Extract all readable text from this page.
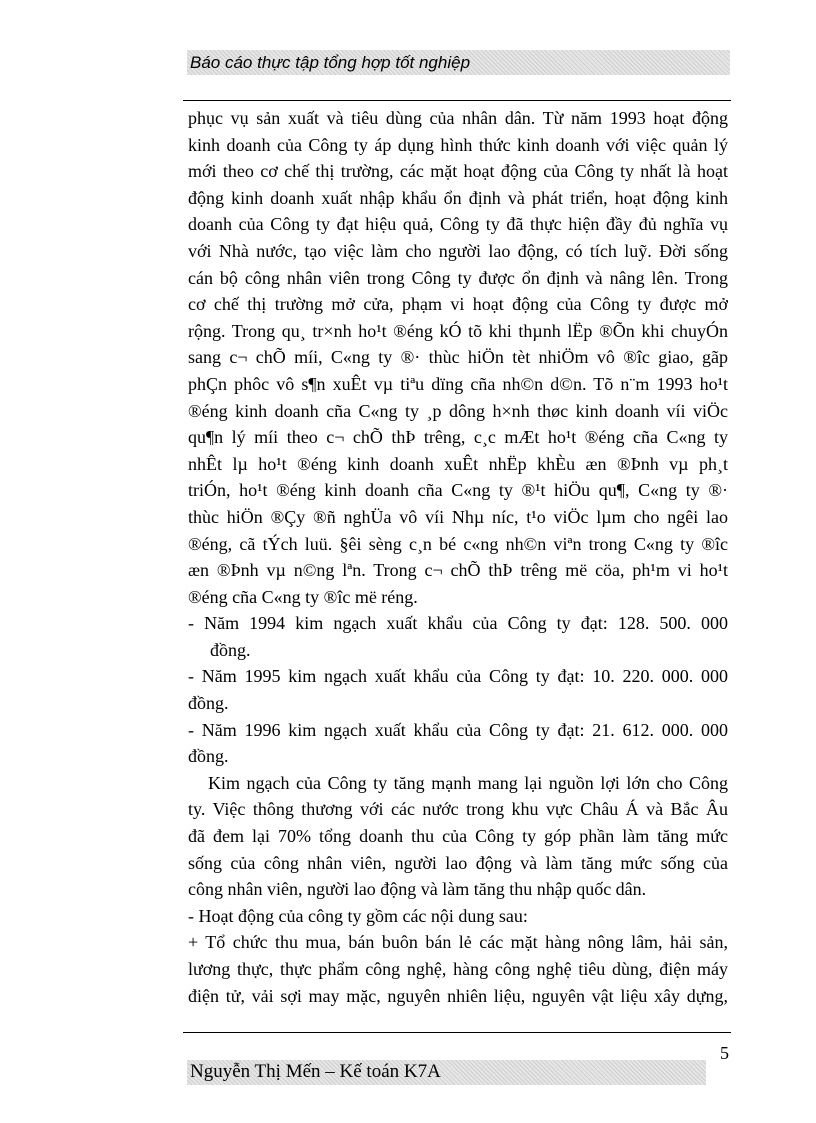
Báo cáo thực tập tổng hợp tốt nghiệp
phục vụ sản xuất và tiêu dùng của nhân dân. Từ năm 1993 hoạt động
kinh doanh của Công ty áp dụng hình thức kinh doanh với việc quản lý
mới theo cơ chế thị trường, các mặt hoạt động của Công ty nhất là hoạt
động kinh doanh xuất nhập khẩu ổn định và phát triển, hoạt động kinh
doanh của Công ty đạt hiệu quả, Công ty đã thực hiện đầy đủ nghĩa vụ
với Nhà nước, tạo việc làm cho người lao động, có tích luỹ. Đời sống
cán bộ công nhân viên trong Công ty được ổn định và nâng lên. Trong
cơ chế thị trường mở cửa, phạm vi hoạt động của Công ty được mở
rộng. Trong qu¸ tr×nh ho¹t ®éng kÓ tõ khi thµnh lËp ®Õn khi chuyÓn
sang c¬ chÕ míi, C«ng ty ®· thùc hiÖn tèt nhiÖm vô ®îc giao, gãp
phÇn phôc vô s¶n xuÊt vµ tiªu dïng cña nh©n d©n. Tõ n¨m 1993 ho¹t
®éng kinh doanh cña C«ng ty ¸p dông h×nh thøc kinh doanh víi viÖc
qu¶n lý míi theo c¬ chÕ thÞ trêng, c¸c mÆt ho¹t ®éng cña C«ng ty
nhÊt lµ ho¹t ®éng kinh doanh xuÊt nhËp khÈu æn ®Þnh vµ ph¸t
triÓn, ho¹t ®éng kinh doanh cña C«ng ty ®¹t hiÖu qu¶, C«ng ty ®·
thùc hiÖn ®Çy ®ñ nghÜa vô víi Nhµ níc, t¹o viÖc lµm cho ngêi lao
®éng, cã tÝch luü. §êi sèng c¸n bé c«ng nh©n viªn trong C«ng ty ®îc
æn ®Þnh vµ n©ng lªn. Trong c¬ chÕ thÞ trêng më cöa, ph¹m vi ho¹t
®éng cña C«ng ty ®îc më réng.
- Năm 1994 kim ngạch xuất khẩu của Công ty đạt: 128. 500. 000
đồng.
- Năm 1995 kim ngạch xuất khẩu của Công ty đạt: 10. 220. 000. 000
đồng.
- Năm 1996 kim ngạch xuất khẩu của Công ty đạt: 21. 612. 000. 000
đồng.
Kim ngạch của Công ty tăng mạnh mang lại nguồn lợi lớn cho Công
ty. Việc thông thương với các nước trong khu vực Châu Á và Bắc Âu
đã đem lại 70% tổng doanh thu của Công ty góp phần làm tăng mức
sống của công nhân viên, người lao động và làm tăng mức sống của
công nhân viên, người lao động và làm tăng thu nhập quốc dân.
- Hoạt động của công ty gồm các nội dung sau:
+ Tổ chức thu mua, bán buôn bán lẻ các mặt hàng nông lâm, hải sản,
lương thực, thực phẩm công nghệ, hàng công nghệ tiêu dùng, điện máy
điện tử, vải sợi may mặc, nguyên nhiên liệu, nguyên vật liệu xây dựng,
5
Nguyễn Thị Mến – Kế toán K7A
